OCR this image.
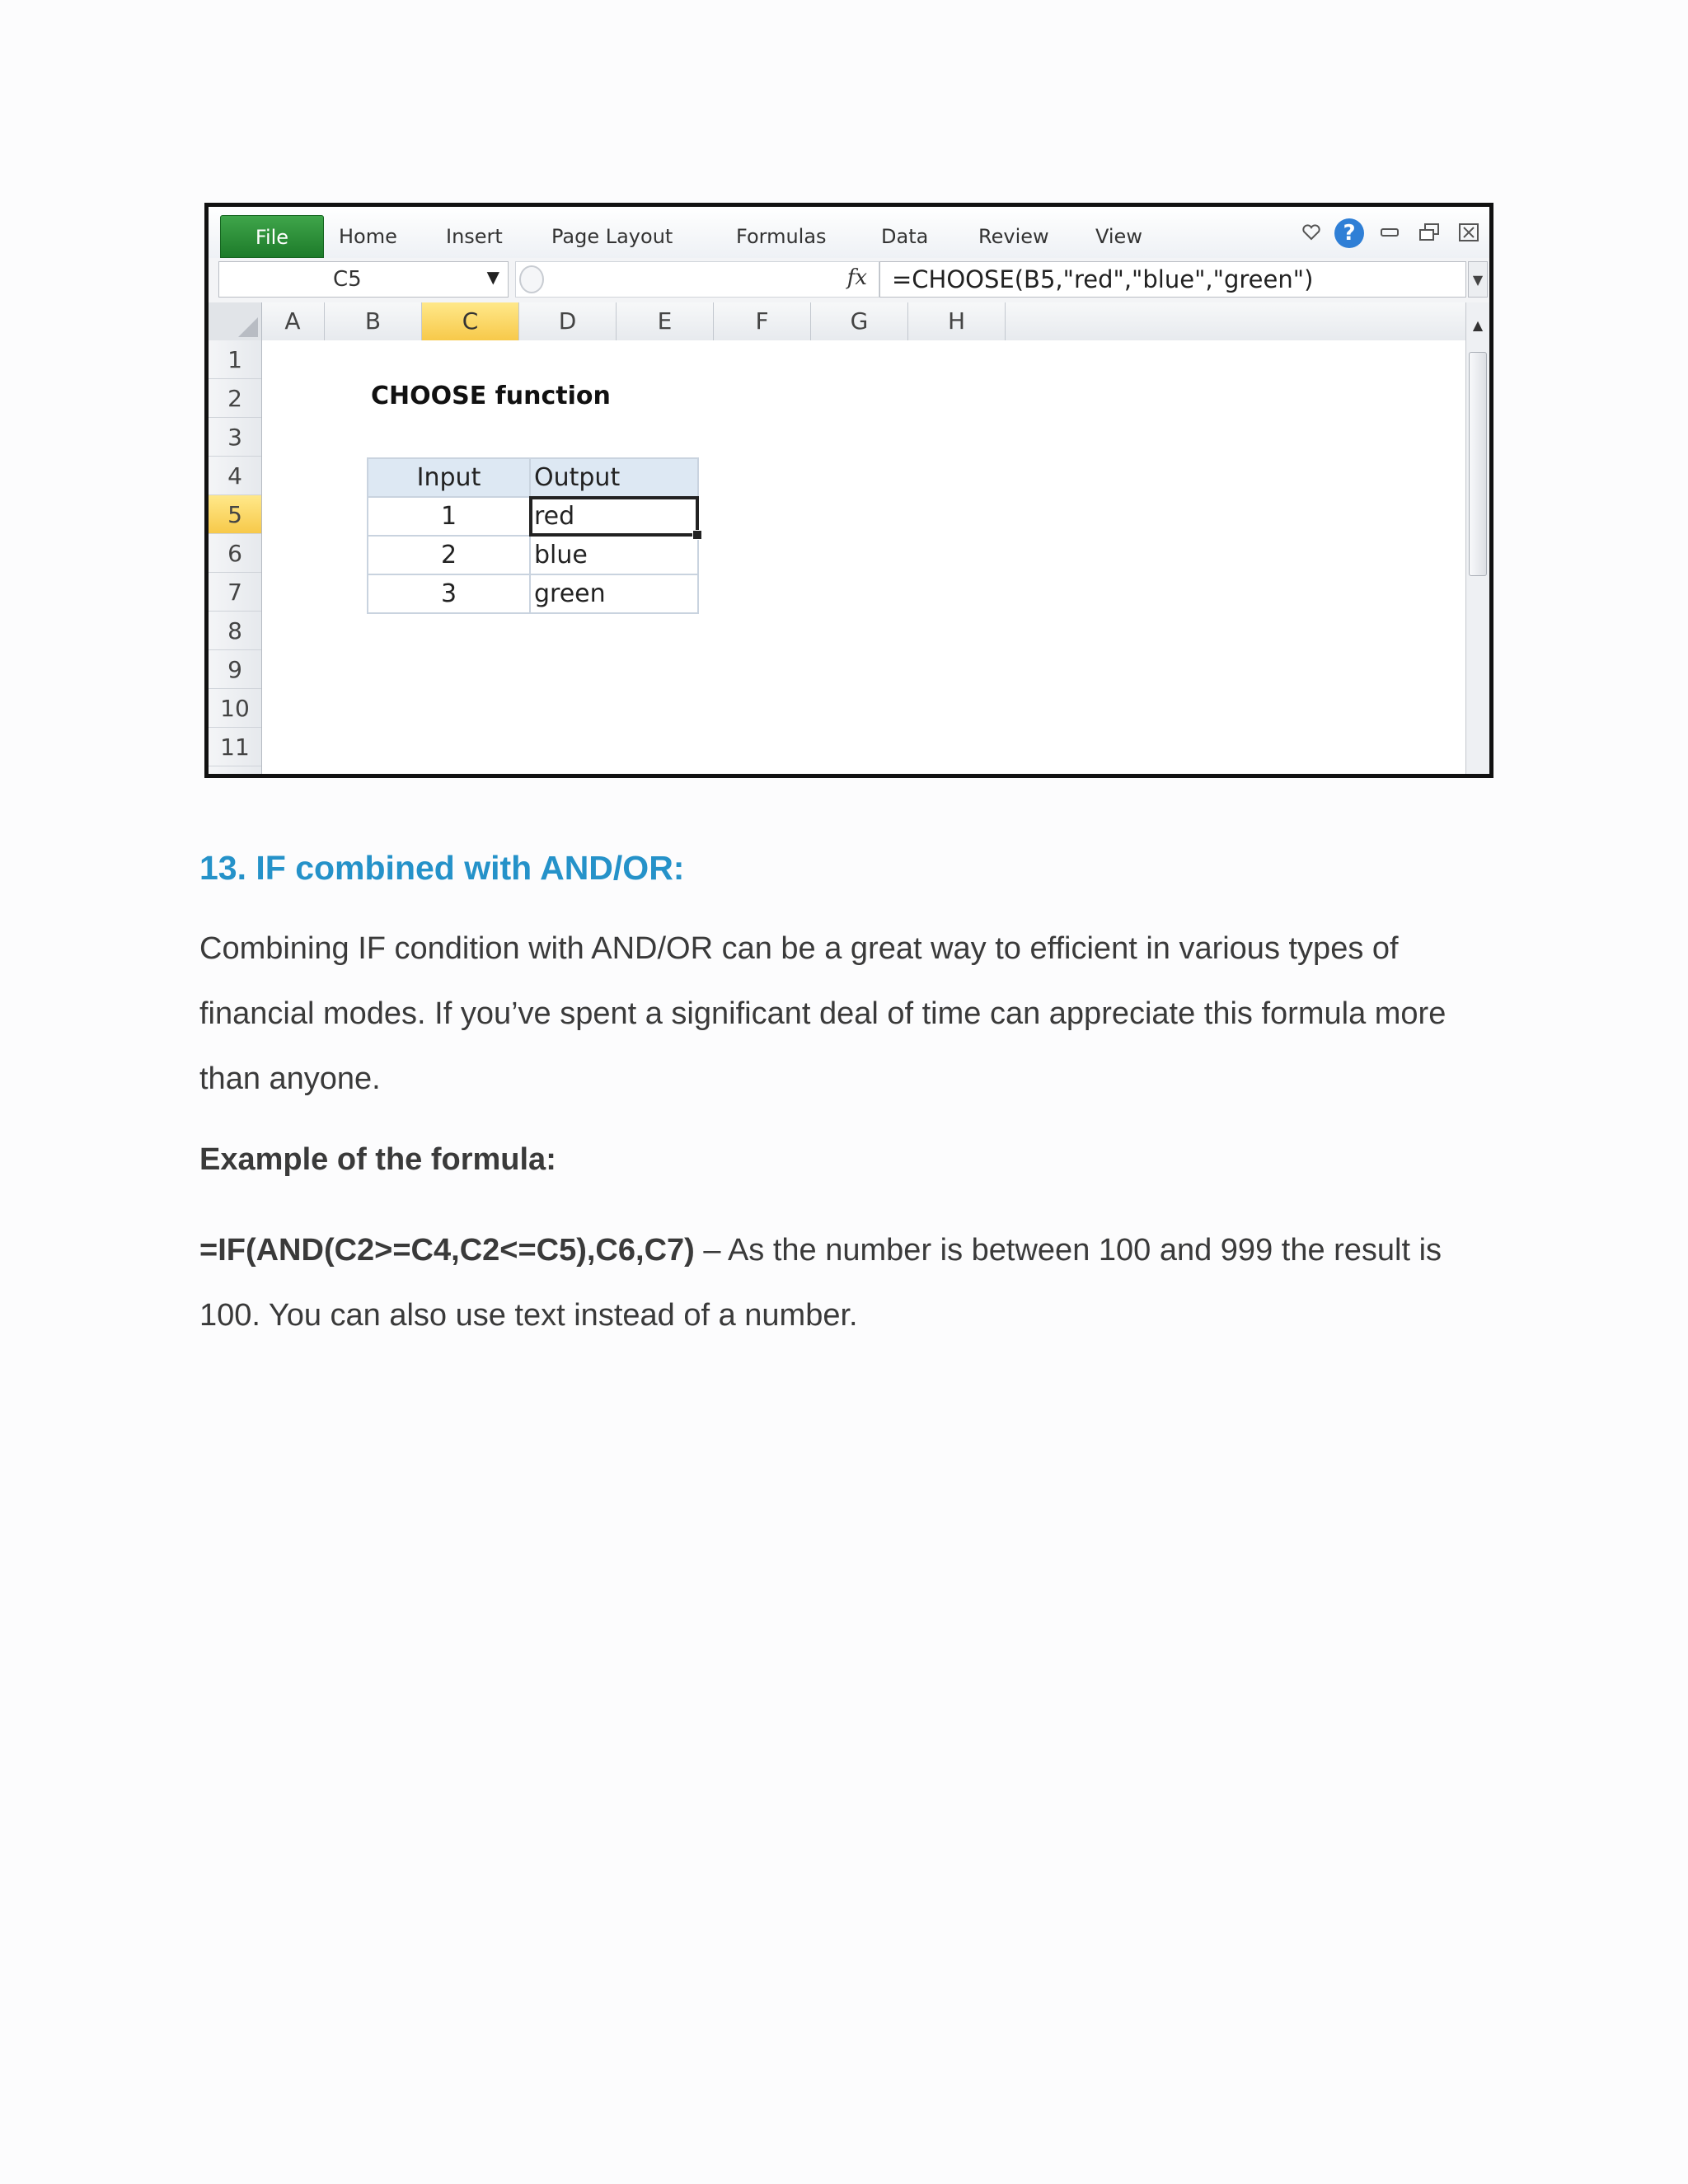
File	Home Insert Page Layout	Formulas	Data	Review View	?
C5	▼	fx	=CHOOSE(B5,"red","blue","green")	▼
A	B	C	D	E	F	G	H
1
2
3
4
5
6
7
8
9
10
11
CHOOSE function
Input	Output
1	red

2	blue
3	green
▲
13. IF combined with AND/OR:

Combining IF condition with AND/OR can be a great way to efficient in various types of financial modes. If you’ve spent a significant deal of time can appreciate this formula more than anyone.

Example of the formula:

=IF(AND(C2>=C4,C2<=C5),C6,C7) – As the number is between 100 and 999 the result is 100. You can also use text instead of a number.
